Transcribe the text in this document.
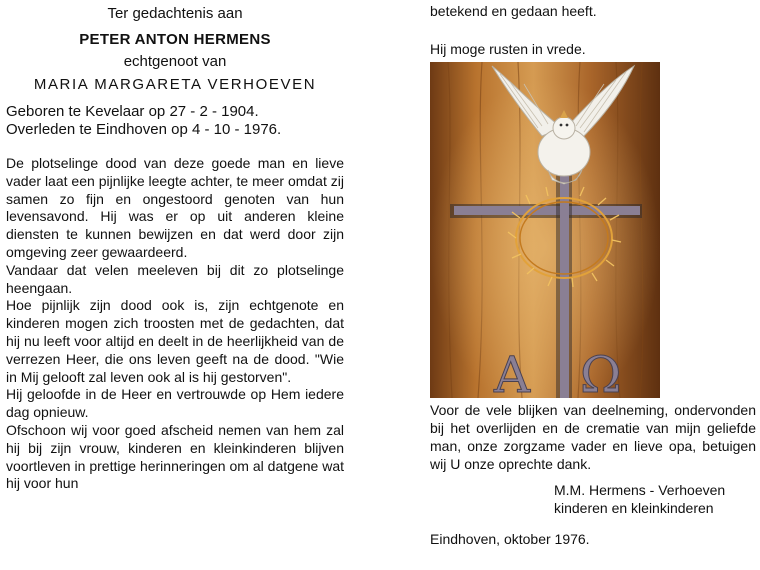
Ter gedachtenis aan

PETER ANTON HERMENS

echtgenoot van

MARIA MARGARETA VERHOEVEN

Geboren te Kevelaar op 27 - 2 - 1904.

Overleden te Eindhoven op 4 - 10 - 1976.

De plotselinge dood van deze goede man en lieve vader laat een pijnlijke leegte achter, te meer omdat zij samen zo fijn en ongestoord genoten van hun levensavond. Hij was er op uit anderen kleine diensten te kunnen bewijzen en dat werd door zijn omgeving zeer gewaardeerd.

Vandaar dat velen meeleven bij dit zo plotselinge heengaan.

Hoe pijnlijk zijn dood ook is, zijn echtgenote en kinderen mogen zich troosten met de gedachten, dat hij nu leeft voor altijd en deelt in de heerlijkheid van de verrezen Heer, die ons leven geeft na de dood. "Wie in Mij gelooft zal leven ook al is hij gestorven".

Hij geloofde in de Heer en vertrouwde op Hem iedere dag opnieuw.

Ofschoon wij voor goed afscheid nemen van hem zal hij bij zijn vrouw, kinderen en kleinkinderen blijven voortleven in prettige herinneringen om al datgene wat hij voor hun

betekend en gedaan heeft.

Hij moge rusten in vrede.

A Ω

Voor de vele blijken van deelneming, ondervonden bij het overlijden en de crematie van mijn geliefde man, onze zorgzame vader en lieve opa, betuigen wij U onze oprechte dank.

M.M. Hermens - Verhoeven

kinderen en kleinkinderen

Eindhoven, oktober 1976.
